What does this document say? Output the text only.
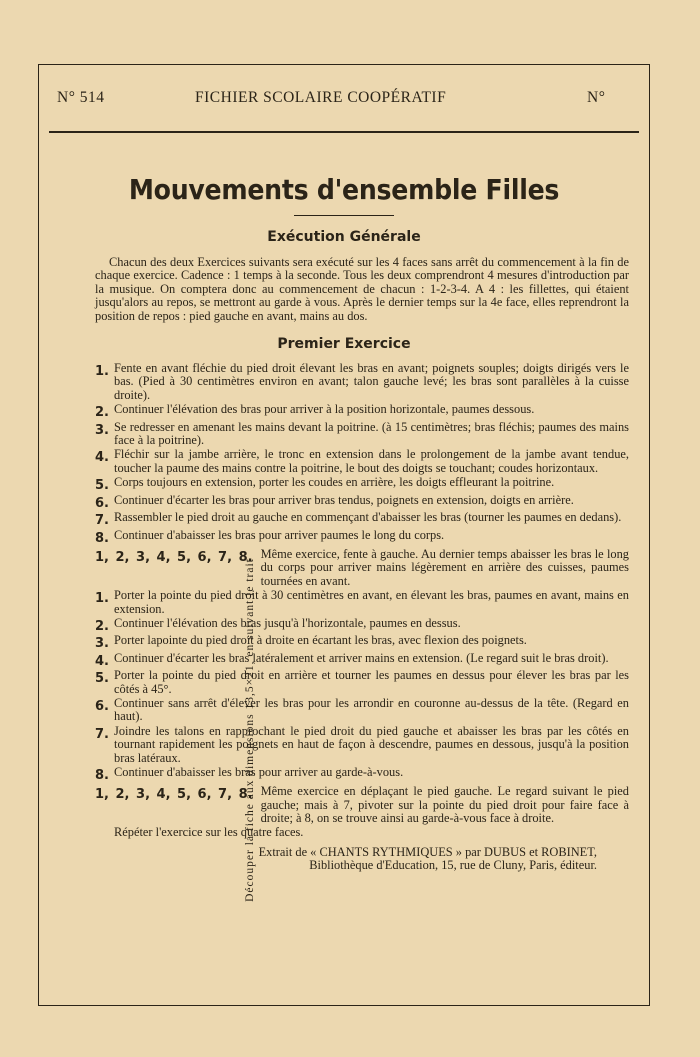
Découper la fiche aux dimensions 13,5×21, en suivant le trait
N° 514	FICHIER SCOLAIRE COOPÉRATIF	N°
Mouvements d'ensemble Filles
Exécution Générale

Chacun des deux Exercices suivants sera exécuté sur les 4 faces sans arrêt du commencement à la fin de chaque exercice. Cadence : 1 temps à la seconde. Tous les deux comprendront 4 mesures d'introduction par la musique. On comptera donc au commencement de chacun : 1-2-3-4. A 4 : les fillettes, qui étaient jusqu'alors au repos, se mettront au garde à vous. Après le dernier temps sur la 4e face, elles reprendront la position de repos : pied gauche en avant, mains au dos.

Premier Exercice
1. Fente en avant fléchie du pied droit élevant les bras en avant; poignets souples; doigts dirigés vers le bas. (Pied à 30 centimètres environ en avant; talon gauche levé; les bras sont parallèles à la cuisse droite).
2. Continuer l'élévation des bras pour arriver à la position horizontale, paumes dessous.
3. Se redresser en amenant les mains devant la poitrine. (à 15 centimètres; bras fléchis; paumes des mains face à la poitrine).
4. Fléchir sur la jambe arrière, le tronc en extension dans le prolongement de la jambe avant tendue, toucher la paume des mains contre la poitrine, le bout des doigts se touchant; coudes horizontaux.
5. Corps toujours en extension, porter les coudes en arrière, les doigts effleurant la poitrine.
6. Continuer d'écarter les bras pour arriver bras tendus, poignets en extension, doigts en arrière.
7. Rassembler le pied droit au gauche en commençant d'abaisser les bras (tourner les paumes en dedans).
8. Continuer d'abaisser les bras pour arriver paumes le long du corps.
1, 2, 3, 4, 5, 6, 7, 8. Même exercice, fente à gauche. Au dernier temps abaisser les bras le long du corps pour arriver mains légèrement en arrière des cuisses, paumes tournées en avant.
1. Porter la pointe du pied droit à 30 centimètres en avant, en élevant les bras, paumes en avant, mains en extension.
2. Continuer l'élévation des bras jusqu'à l'horizontale, paumes en dessus.
3. Porter lapointe du pied droit à droite en écartant les bras, avec flexion des poignets.
4. Continuer d'écarter les bras latéralement et arriver mains en extension. (Le regard suit le bras droit).
5. Porter la pointe du pied droit en arrière et tourner les paumes en dessus pour élever les bras par les côtés à 45°.
6. Continuer sans arrêt d'élever les bras pour les arrondir en couronne au-dessus de la tête. (Regard en haut).
7. Joindre les talons en rapprochant le pied droit du pied gauche et abaisser les bras par les côtés en tournant rapidement les poignets en haut de façon à descendre, paumes en dessous, jusqu'à la position bras latéraux.
8. Continuer d'abaisser les bras pour arriver au garde-à-vous.
1, 2, 3, 4, 5, 6, 7, 8. Même exercice en déplaçant le pied gauche. Le regard suivant le pied gauche; mais à 7, pivoter sur la pointe du pied droit pour faire face à droite; à 8, on se trouve ainsi au garde-à-vous face à droite.
Répéter l'exercice sur les quatre faces.

Extrait de « CHANTS RYTHMIQUES » par DUBUS et ROBINET,

Bibliothèque d'Education, 15, rue de Cluny, Paris, éditeur.
